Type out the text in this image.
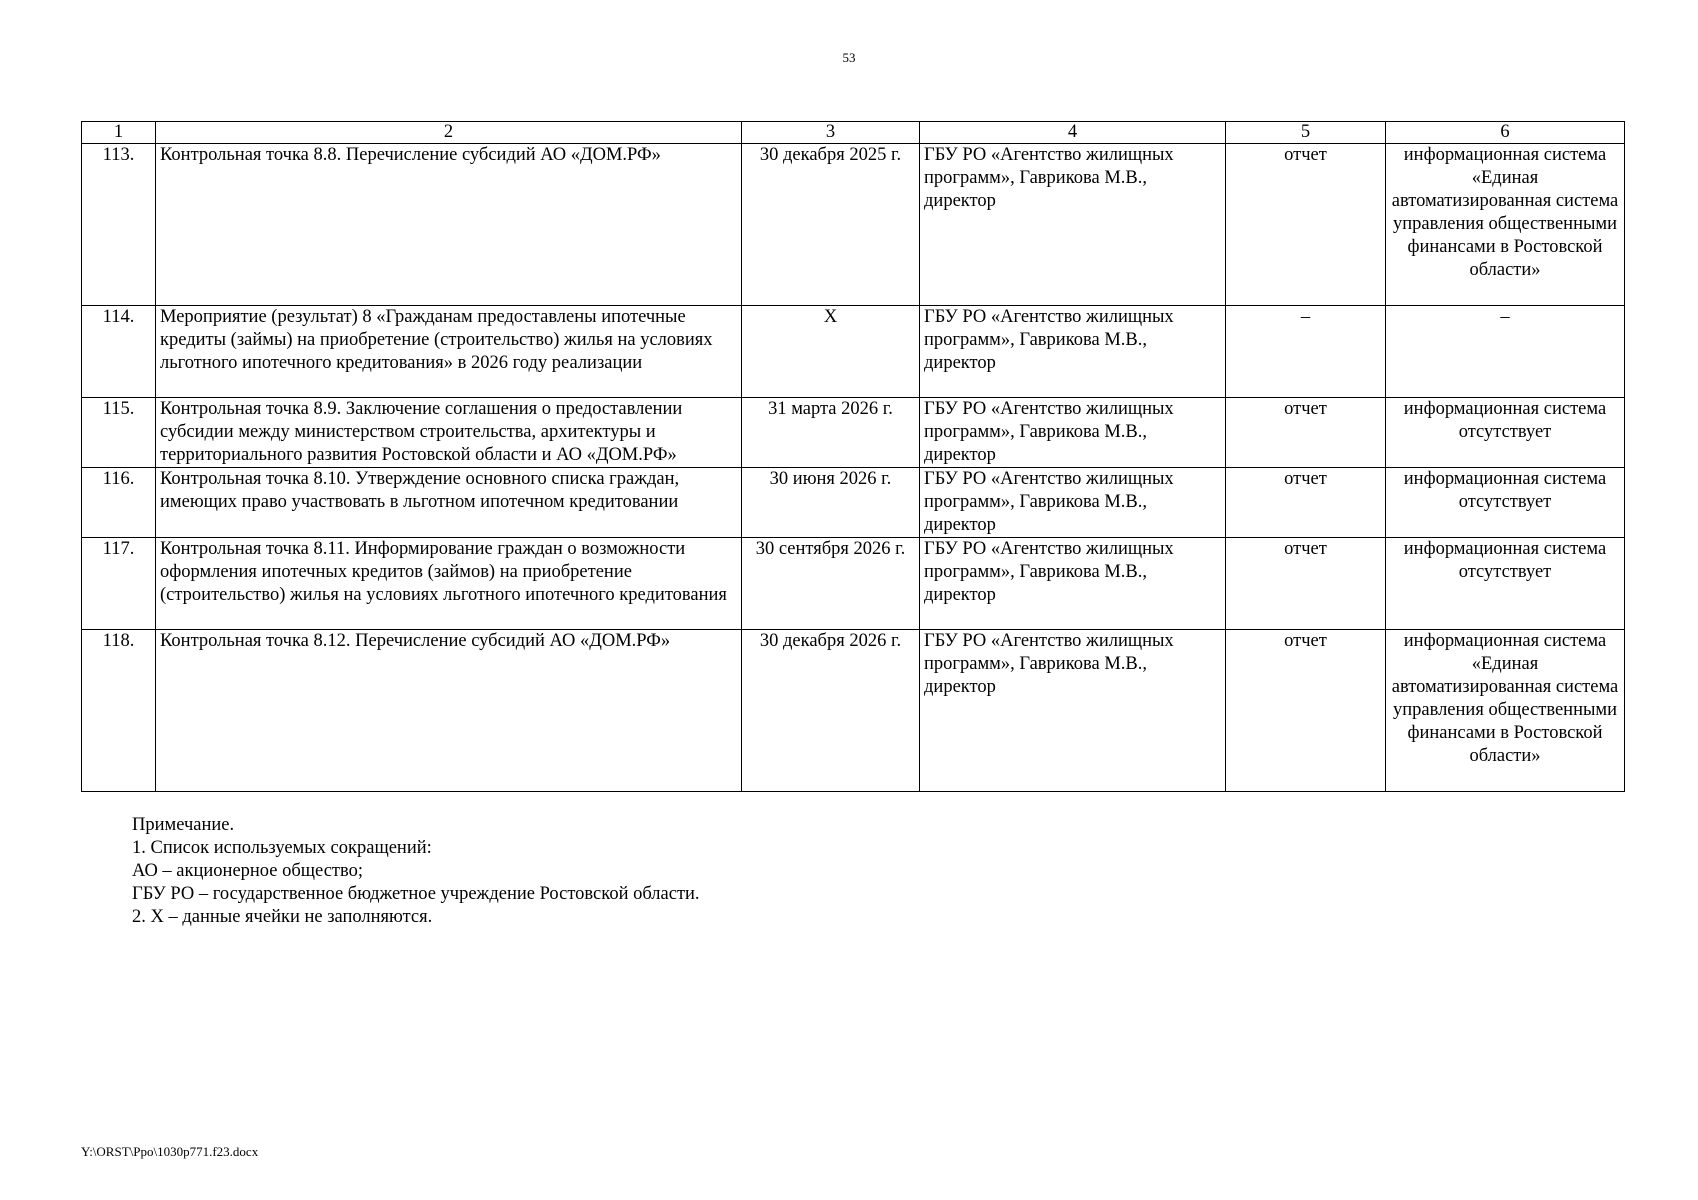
53
1	2	3	4	5	6
113.	Контрольная точка 8.8. Перечисление субсидий АО «ДОМ.РФ»	30 декабря 2025 г.	ГБУ РО «Агентство жилищных программ», Гаврикова М.В., директор	отчет	информационная система «Единая автоматизированная система управления общественными финансами в Ростовской области»
114.	Мероприятие (результат) 8 «Гражданам предоставлены ипотечные кредиты (займы) на приобретение (строительство) жилья на условиях льготного ипотечного кредитования» в 2026 году реализации	Х	ГБУ РО «Агентство жилищных программ», Гаврикова М.В., директор	–	–
115.	Контрольная точка 8.9. Заключение соглашения о предоставлении субсидии между министерством строительства, архитектуры и территориального развития Ростовской области и АО «ДОМ.РФ»	31 марта 2026 г.	ГБУ РО «Агентство жилищных программ», Гаврикова М.В., директор	отчет	информационная система отсутствует
116.	Контрольная точка 8.10. Утверждение основного списка граждан, имеющих право участвовать в льготном ипотечном кредитовании	30 июня 2026 г.	ГБУ РО «Агентство жилищных программ», Гаврикова М.В., директор	отчет	информационная система отсутствует
117.	Контрольная точка 8.11. Информирование граждан о возможности оформления ипотечных кредитов (займов) на приобретение (строительство) жилья на условиях льготного ипотечного кредитования	30 сентября 2026 г.	ГБУ РО «Агентство жилищных программ», Гаврикова М.В., директор	отчет	информационная система отсутствует
118.	Контрольная точка 8.12. Перечисление субсидий АО «ДОМ.РФ»	30 декабря 2026 г.	ГБУ РО «Агентство жилищных программ», Гаврикова М.В., директор	отчет	информационная система «Единая автоматизированная система управления общественными финансами в Ростовской области»
Примечание.
1. Список используемых сокращений:
АО – акционерное общество;
ГБУ РО – государственное бюджетное учреждение Ростовской области.
2. Х – данные ячейки не заполняются.
Y:\ORST\Ppo\1030p771.f23.docx
